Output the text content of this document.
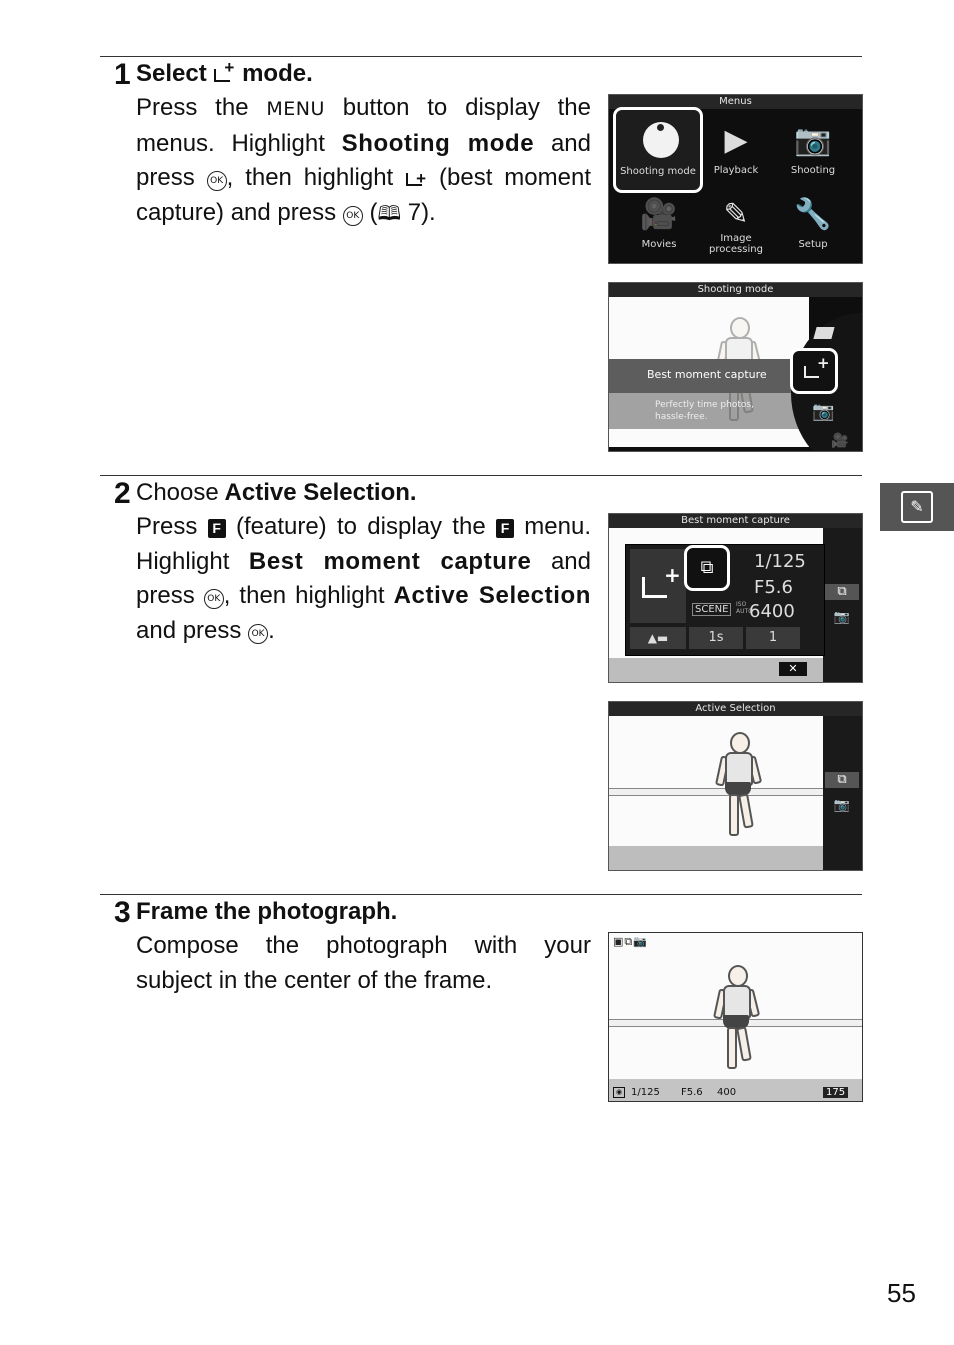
1 Select + mode.
Press the MENU button to display the menus. Highlight Shooting mode and press OK , then highlight + (best moment capture) and press OK (🕮 7).
Menus
Shooting mode
▶
Playback
📷
Shooting
🎥
Movies
✎
Image processing
🔧
Setup
Shooting mode
Best moment capture
Perfectly time photos, hassle-free.
+
📷
🎥
2 Choose Active Selection.
Press F (feature) to display the F menu. Highlight Best moment capture and press OK , then highlight Active Selection and press OK .
Best moment capture
⧉
📷
+	⧉	1/125
F5.6
SCENE	ISO AUTO
6400
▲▬	1s	1
✕
Active Selection
⧉
📷
3 Frame the photograph.
Compose the photograph with your subject in the center of the frame.
▣⧉📷
◉ 1/125 F5.6 400	175
✎
55
